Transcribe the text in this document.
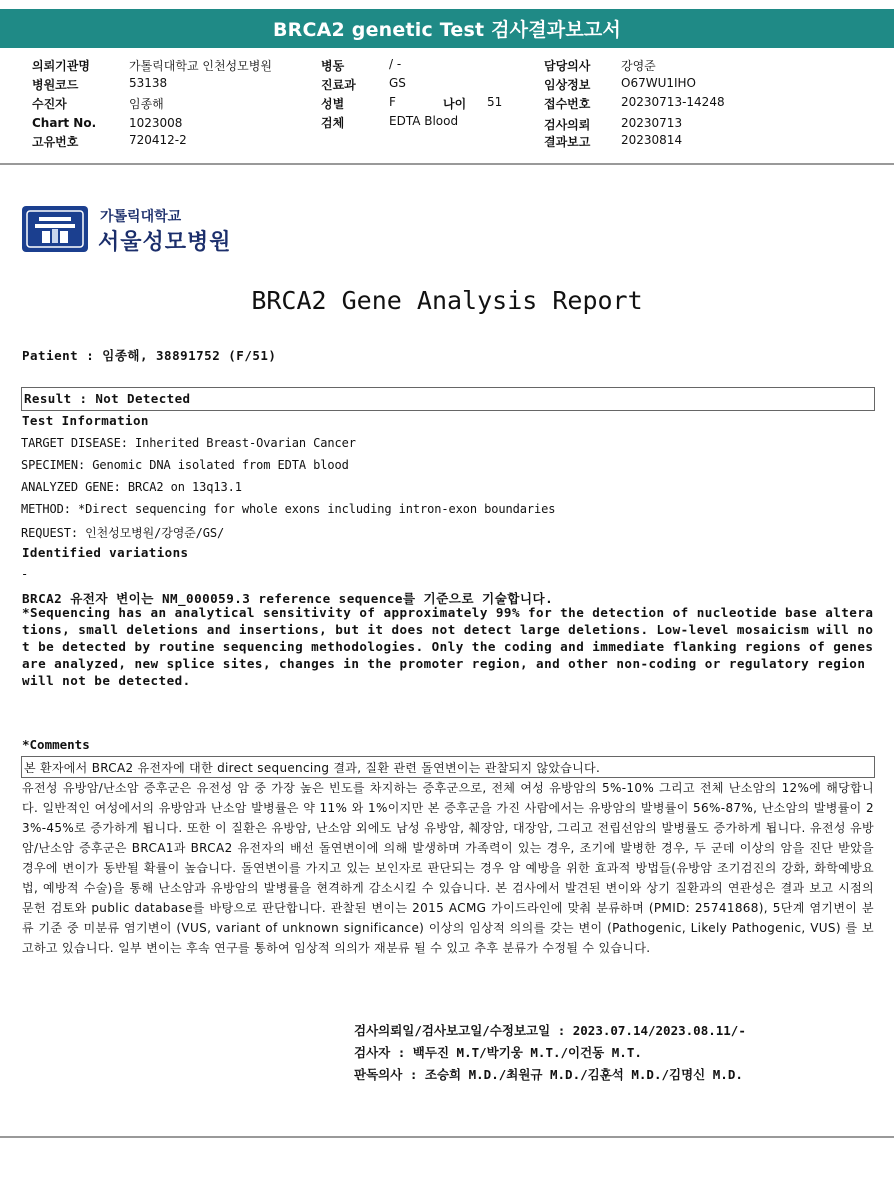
BRCA2 genetic Test 검사결과보고서
의뢰기관명	가톨릭대학교 인천성모병원
병원코드	53138
수진자	임종해
Chart No.	1023008
고유번호	720412-2
병동	/ -
진료과	GS
성별	F	나이 51
검체	EDTA Blood
담당의사	강영준
임상정보	O67WU1IHO
접수번호	20230713-14248
검사의뢰	20230713
결과보고	20230814
가톨릭대학교
서울성모병원
BRCA2 Gene Analysis Report
Patient : 임종해, 38891752 (F/51)
Result : Not Detected
Test Information
TARGET DISEASE: Inherited Breast-Ovarian Cancer
SPECIMEN: Genomic DNA isolated from EDTA blood
ANALYZED GENE: BRCA2 on 13q13.1
METHOD: *Direct sequencing for whole exons including intron-exon boundaries
REQUEST: 인천성모병원/강영준/GS/
Identified variations
-
BRCA2 유전자 변이는 NM_000059.3 reference sequence를 기준으로 기술합니다.
*Sequencing has an analytical sensitivity of approximately 99% for the detection of nucleotide base alterations, small deletions and insertions, but it does not detect large deletions. Low-level mosaicism will not be detected by routine sequencing methodologies. Only the coding and immediate flanking regions of genes are analyzed, new splice sites, changes in the promoter region, and other non-coding or regulatory region will not be detected.
*Comments
본 환자에서 BRCA2 유전자에 대한 direct sequencing 결과, 질환 관련 돌연변이는 관찰되지 않았습니다.
유전성 유방암/난소암 증후군은 유전성 암 중 가장 높은 빈도를 차지하는 증후군으로, 전체 여성 유방암의 5%-10% 그리고 전체 난소암의 12%에 해당합니다. 일반적인 여성에서의 유방암과 난소암 발병률은 약 11% 와 1%이지만 본 증후군을 가진 사람에서는 유방암의 발병률이 56%-87%, 난소암의 발병률이 23%-45%로 증가하게 됩니다. 또한 이 질환은 유방암, 난소암 외에도 남성 유방암, 췌장암, 대장암, 그리고 전립선암의 발병률도 증가하게 됩니다. 유전성 유방암/난소암 증후군은 BRCA1과 BRCA2 유전자의 배선 돌연변이에 의해 발생하며 가족력이 있는 경우, 조기에 발병한 경우, 두 군데 이상의 암을 진단 받았을 경우에 변이가 동반될 확률이 높습니다. 돌연변이를 가지고 있는 보인자로 판단되는 경우 암 예방을 위한 효과적 방법들(유방암 조기검진의 강화, 화학예방요법, 예방적 수술)을 통해 난소암과 유방암의 발병률을 현격하게 감소시킬 수 있습니다. 본 검사에서 발견된 변이와 상기 질환과의 연관성은 결과 보고 시점의 문헌 검토와 public database를 바탕으로 판단합니다. 관찰된 변이는 2015 ACMG 가이드라인에 맞춰 분류하며 (PMID: 25741868), 5단계 염기변이 분류 기준 중 미분류 염기변이 (VUS, variant of unknown significance) 이상의 임상적 의의를 갖는 변이 (Pathogenic, Likely Pathogenic, VUS) 를 보고하고 있습니다. 일부 변이는 후속 연구를 통하여 임상적 의의가 재분류 될 수 있고 추후 분류가 수정될 수 있습니다.
검사의뢰일/검사보고일/수정보고일 : 2023.07.14/2023.08.11/-
검사자 : 백두진 M.T/박기웅 M.T./이건동 M.T.
판독의사 : 조승희 M.D./최원규 M.D./김훈석 M.D./김명신 M.D.
